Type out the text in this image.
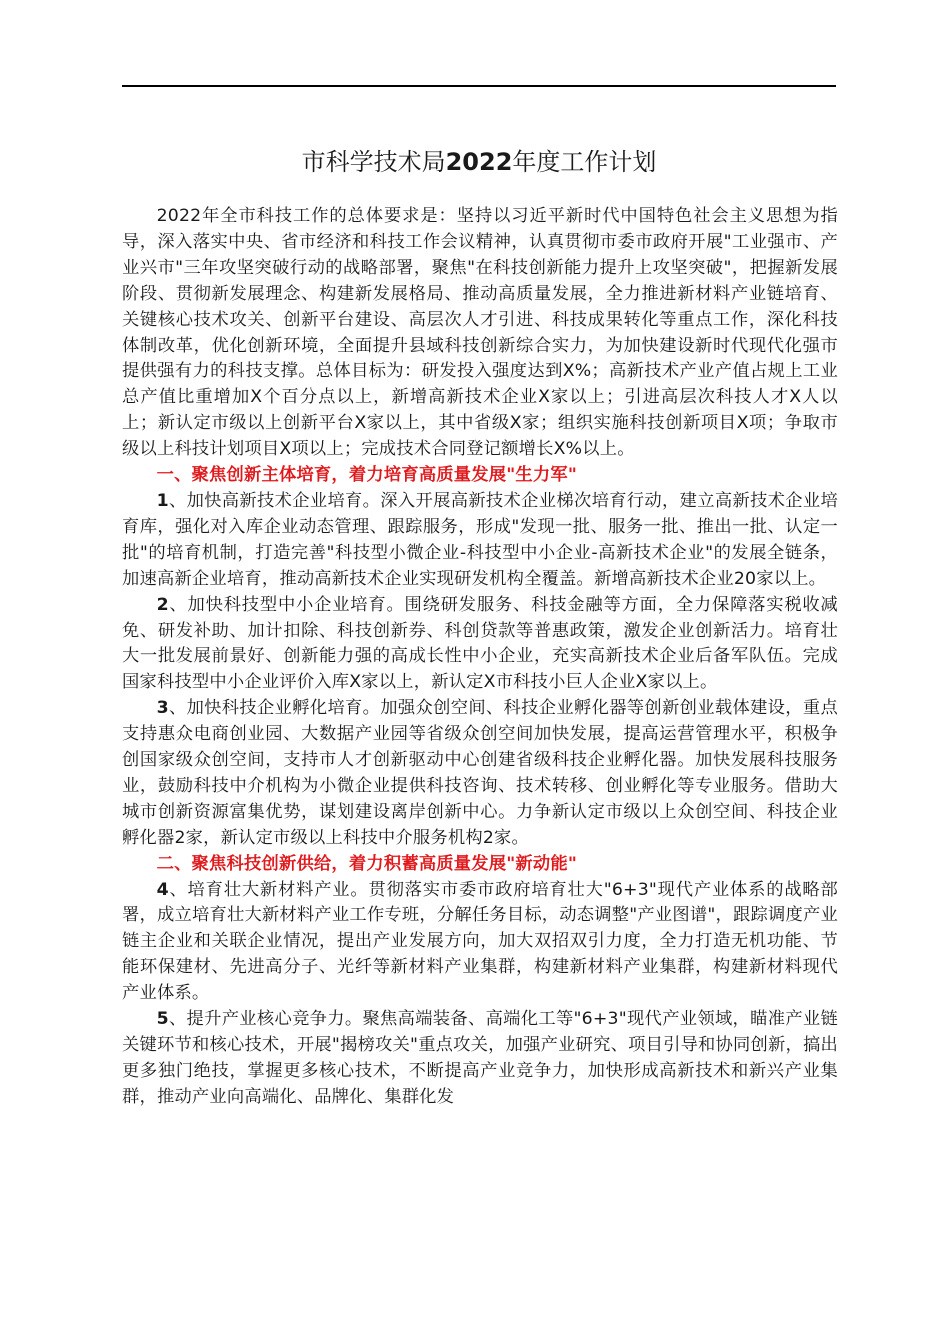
市科学技术局2022年度工作计划

2022年全市科技工作的总体要求是：坚持以习近平新时代中国特色社会主义思想为指导，深入落实中央、省市经济和科技工作会议精神，认真贯彻市委市政府开展"工业强市、产业兴市"三年攻坚突破行动的战略部署，聚焦"在科技创新能力提升上攻坚突破"，把握新发展阶段、贯彻新发展理念、构建新发展格局、推动高质量发展，全力推进新材料产业链培育、关键核心技术攻关、创新平台建设、高层次人才引进、科技成果转化等重点工作，深化科技体制改革，优化创新环境，全面提升县域科技创新综合实力，为加快建设新时代现代化强市提供强有力的科技支撑。总体目标为：研发投入强度达到X%；高新技术产业产值占规上工业总产值比重增加X个百分点以上，新增高新技术企业X家以上；引进高层次科技人才X人以上；新认定市级以上创新平台X家以上，其中省级X家；组织实施科技创新项目X项；争取市级以上科技计划项目X项以上；完成技术合同登记额增长X%以上。

一、聚焦创新主体培育，着力培育高质量发展"生力军"

1、加快高新技术企业培育。深入开展高新技术企业梯次培育行动，建立高新技术企业培育库，强化对入库企业动态管理、跟踪服务，形成"发现一批、服务一批、推出一批、认定一批"的培育机制，打造完善"科技型小微企业-科技型中小企业-高新技术企业"的发展全链条，加速高新企业培育，推动高新技术企业实现研发机构全覆盖。新增高新技术企业20家以上。

2、加快科技型中小企业培育。围绕研发服务、科技金融等方面，全力保障落实税收减免、研发补助、加计扣除、科技创新券、科创贷款等普惠政策，激发企业创新活力。培育壮大一批发展前景好、创新能力强的高成长性中小企业，充实高新技术企业后备军队伍。完成国家科技型中小企业评价入库X家以上，新认定X市科技小巨人企业X家以上。

3、加快科技企业孵化培育。加强众创空间、科技企业孵化器等创新创业载体建设，重点支持惠众电商创业园、大数据产业园等省级众创空间加快发展，提高运营管理水平，积极争创国家级众创空间，支持市人才创新驱动中心创建省级科技企业孵化器。加快发展科技服务业，鼓励科技中介机构为小微企业提供科技咨询、技术转移、创业孵化等专业服务。借助大城市创新资源富集优势，谋划建设离岸创新中心。力争新认定市级以上众创空间、科技企业孵化器2家，新认定市级以上科技中介服务机构2家。

二、聚焦科技创新供给，着力积蓄高质量发展"新动能"

4、培育壮大新材料产业。贯彻落实市委市政府培育壮大"6+3"现代产业体系的战略部署，成立培育壮大新材料产业工作专班，分解任务目标，动态调整"产业图谱"，跟踪调度产业链主企业和关联企业情况，提出产业发展方向，加大双招双引力度，全力打造无机功能、节能环保建材、先进高分子、光纤等新材料产业集群，构建新材料产业集群，构建新材料现代产业体系。

5、提升产业核心竞争力。聚焦高端装备、高端化工等"6+3"现代产业领域，瞄准产业链关键环节和核心技术，开展"揭榜攻关"重点攻关，加强产业研究、项目引导和协同创新，搞出更多独门绝技，掌握更多核心技术，不断提高产业竞争力，加快形成高新技术和新兴产业集群，推动产业向高端化、品牌化、集群化发
